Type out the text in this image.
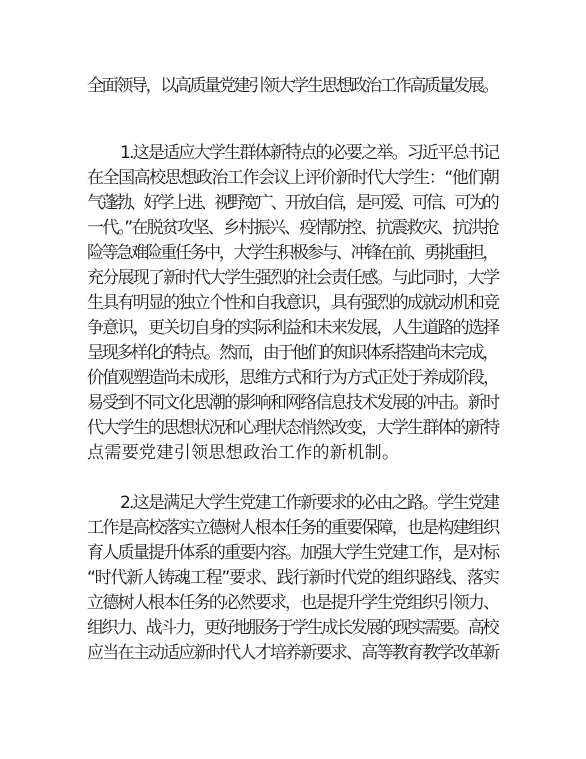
全面领导，以高质量党建引领大学生思想政治工作高质量发展。
1.这是适应大学生群体新特点的必要之举。习近平总书记
在全国高校思想政治工作会议上评价新时代大学生：“他们朝
气蓬勃、好学上进、视野宽广、开放自信，是可爱、可信、可为的
一代。”在脱贫攻坚、乡村振兴、疫情防控、抗震救灾、抗洪抢
险等急难险重任务中，大学生积极参与、冲锋在前、勇挑重担，
充分展现了新时代大学生强烈的社会责任感。与此同时，大学
生具有明显的独立个性和自我意识，具有强烈的成就动机和竞
争意识，更关切自身的实际利益和未来发展，人生道路的选择
呈现多样化的特点。然而，由于他们的知识体系搭建尚未完成，
价值观塑造尚未成形，思维方式和行为方式正处于养成阶段，
易受到不同文化思潮的影响和网络信息技术发展的冲击。新时
代大学生的思想状况和心理状态悄然改变，大学生群体的新特
点需要党建引领思想政治工作的新机制。
2.这是满足大学生党建工作新要求的必由之路。学生党建
工作是高校落实立德树人根本任务的重要保障，也是构建组织
育人质量提升体系的重要内容。加强大学生党建工作，是对标
“时代新人铸魂工程”要求、践行新时代党的组织路线、落实
立德树人根本任务的必然要求，也是提升学生党组织引领力、
组织力、战斗力，更好地服务于学生成长发展的现实需要。高校
应当在主动适应新时代人才培养新要求、高等教育教学改革新
